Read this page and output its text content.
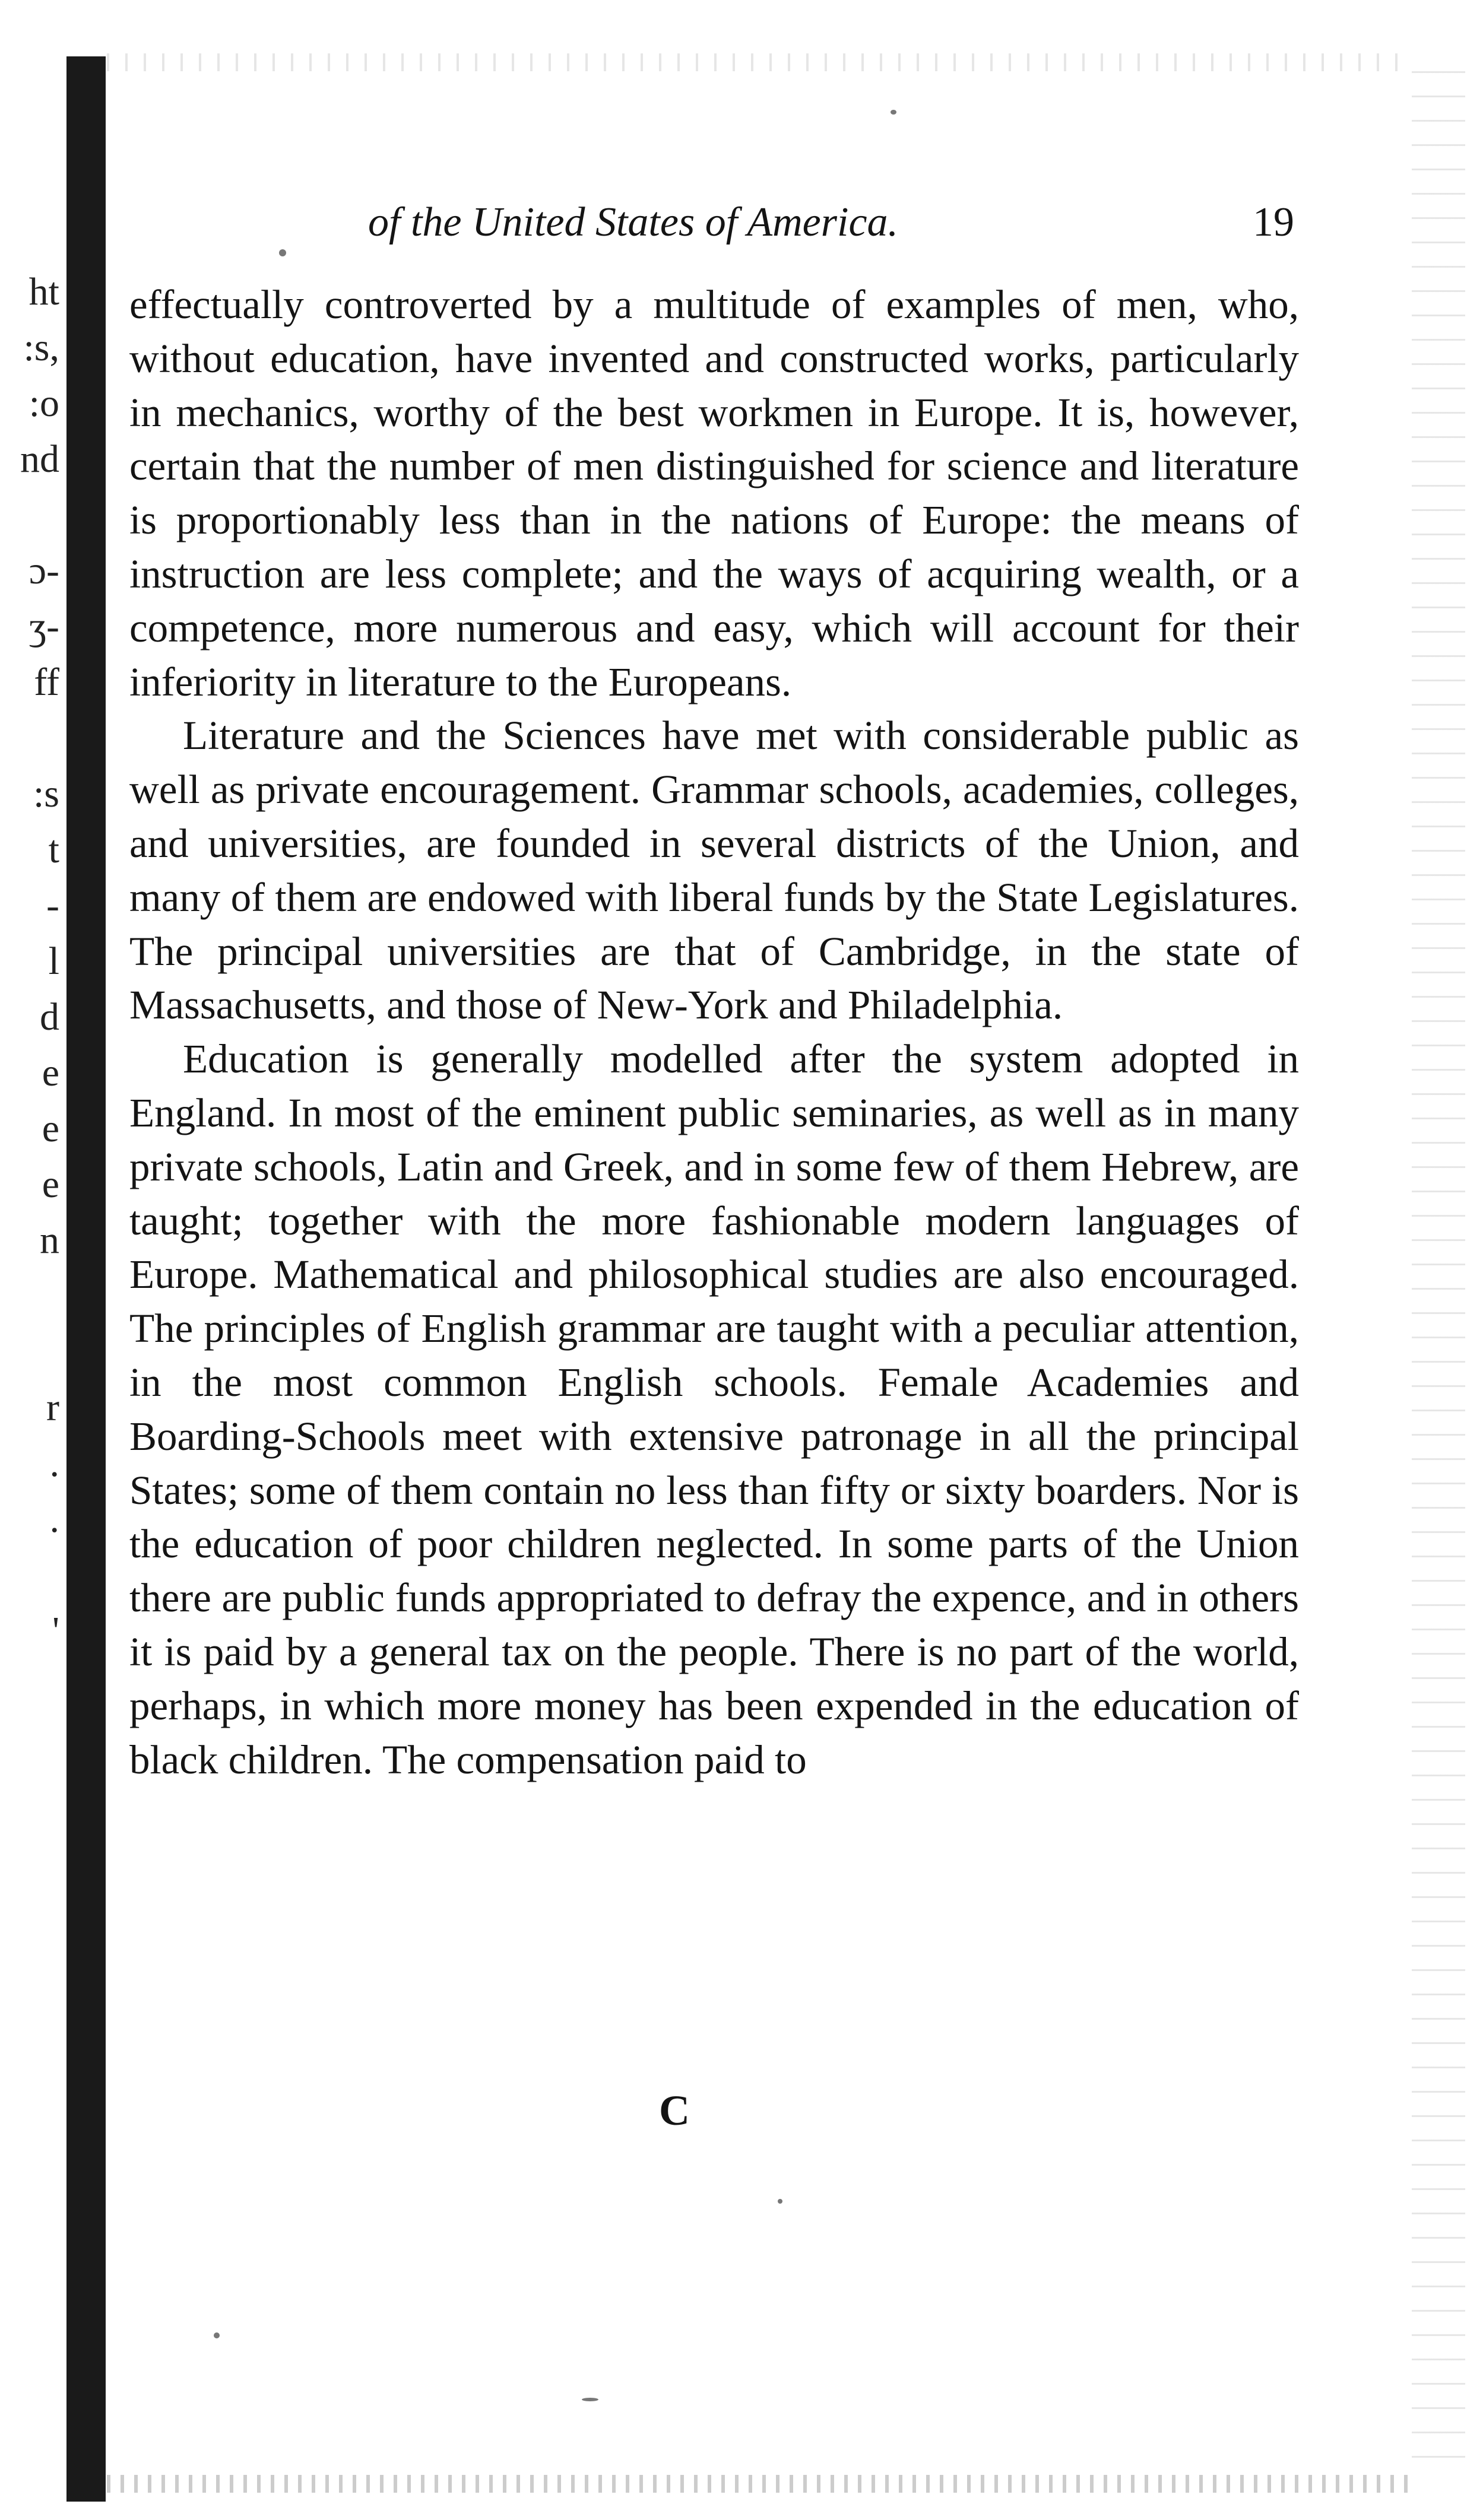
ht
:s,
:o
nd
ɔ-
ʒ-
ff
:s
t
-
l
d
e
e
e
n
r
.
.
'
of the United States of America.	19

effectually controverted by a multitude of examples of men, who, without education, have invented and constructed works, particularly in mechanics, worthy of the best workmen in Europe. It is, however, certain that the number of men distinguished for science and literature is proportionably less than in the nations of Europe: the means of instruction are less complete; and the ways of acquiring wealth, or a competence, more numerous and easy, which will account for their inferiority in literature to the Europeans.

Literature and the Sciences have met with considerable public as well as private encouragement. Grammar schools, academies, colleges, and universities, are founded in several districts of the Union, and many of them are endowed with liberal funds by the State Legislatures. The principal universities are that of Cambridge, in the state of Massachusetts, and those of New-York and Philadelphia.

Education is generally modelled after the system adopted in England. In most of the eminent public seminaries, as well as in many private schools, Latin and Greek, and in some few of them Hebrew, are taught; together with the more fashionable modern languages of Europe. Mathematical and philosophical studies are also encouraged. The principles of English grammar are taught with a peculiar attention, in the most common English schools. Female Academies and Boarding-Schools meet with extensive patronage in all the principal States; some of them contain no less than fifty or sixty boarders. Nor is the education of poor children neglected. In some parts of the Union there are public funds appropriated to defray the expence, and in others it is paid by a general tax on the people. There is no part of the world, perhaps, in which more money has been expended in the education of black children. The compensation paid to

C
